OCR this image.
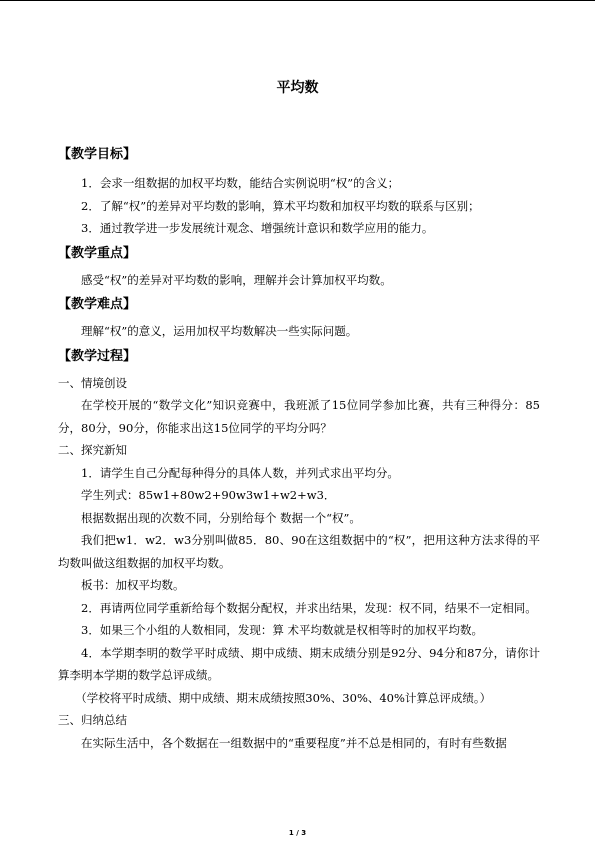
平均数
【教学目标】
1．会求一组数据的加权平均数，能结合实例说明“权”的含义；
2．了解“权”的差异对平均数的影响，算术平均数和加权平均数的联系与区别；
3．通过教学进一步发展统计观念、增强统计意识和数学应用的能力。
【教学重点】
感受“权”的差异对平均数的影响，理解并会计算加权平均数。
【教学难点】
理解“权”的意义，运用加权平均数解决一些实际问题。
【教学过程】
一、情境创设
在学校开展的“数学文化”知识竞赛中，我班派了15位同学参加比赛，共有三种得分：85分，80分，90分，你能求出这15位同学的平均分吗？
二、探究新知
1．请学生自己分配每种得分的具体人数，并列式求出平均分。
学生列式：85w1+80w2+90w3w1+w2+w3．
根据数据出现的次数不同，分别给每个 数据一个“权”。
我们把w1．w2．w3分别叫做85．80、90在这组数据中的“权”，把用这种方法求得的平均数叫做这组数据的加权平均数。
板书：加权平均数。
2．再请两位同学重新给每个数据分配权，并求出结果，发现：权不同，结果不一定相同。
3．如果三个小组的人数相同，发现：算 术平均数就是权相等时的加权平均数。
4．本学期李明的数学平时成绩、期中成绩、期末成绩分别是92分、94分和87分，请你计算李明本学期的数学总评成绩。
（学校将平时成绩、期中成绩、期末成绩按照30%、30%、40%计算总评成绩。）
三、归纳总结
在实际生活中，各个数据在一组数据中的“重要程度”并不总是相同的，有时有些数据
1 / 3
